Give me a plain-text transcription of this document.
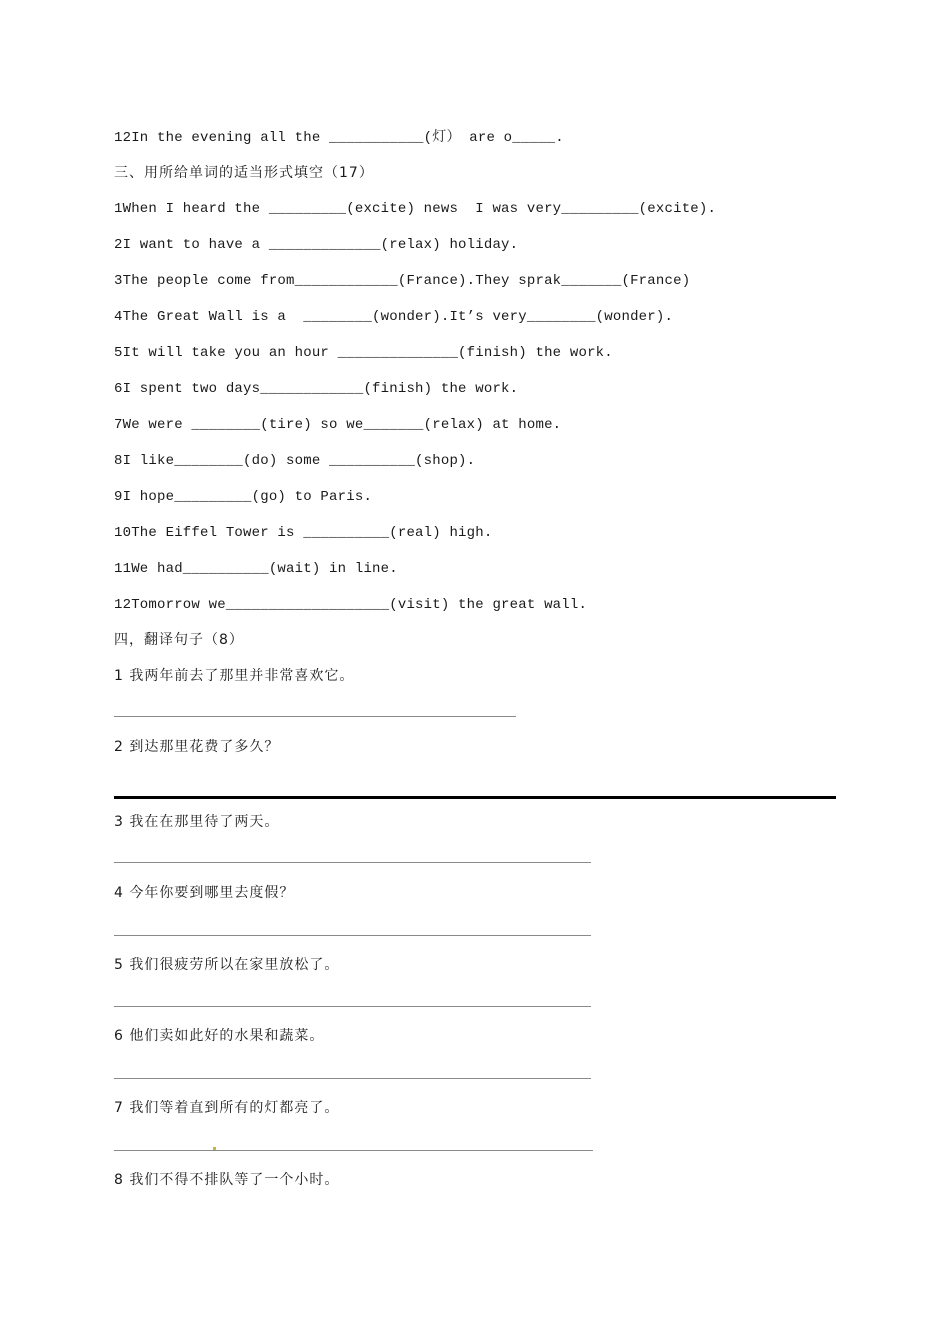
12In the evening all the ___________(灯） are o_____.
三、用所给单词的适当形式填空（17）
1When I heard the _________(excite) news  I was very_________(excite).
2I want to have a _____________(relax) holiday.
3The people come from____________(France).They sprak_______(France)
4The Great Wall is a  ________(wonder).It’s very________(wonder).
5It will take you an hour ______________(finish) the work.
6I spent two days____________(finish) the work.
7We were ________(tire) so we_______(relax) at home.
8I like________(do) some __________(shop).
9I hope_________(go) to Paris.
10The Eiffel Tower is __________(real) high.
11We had__________(wait) in line.
12Tomorrow we___________________(visit) the great wall.
四，翻译句子（8）
1 我两年前去了那里并非常喜欢它。
2 到达那里花费了多久？
3 我在在那里待了两天。
4 今年你要到哪里去度假？
5 我们很疲劳所以在家里放松了。
6 他们卖如此好的水果和蔬菜。
7 我们等着直到所有的灯都亮了。
8 我们不得不排队等了一个小时。
